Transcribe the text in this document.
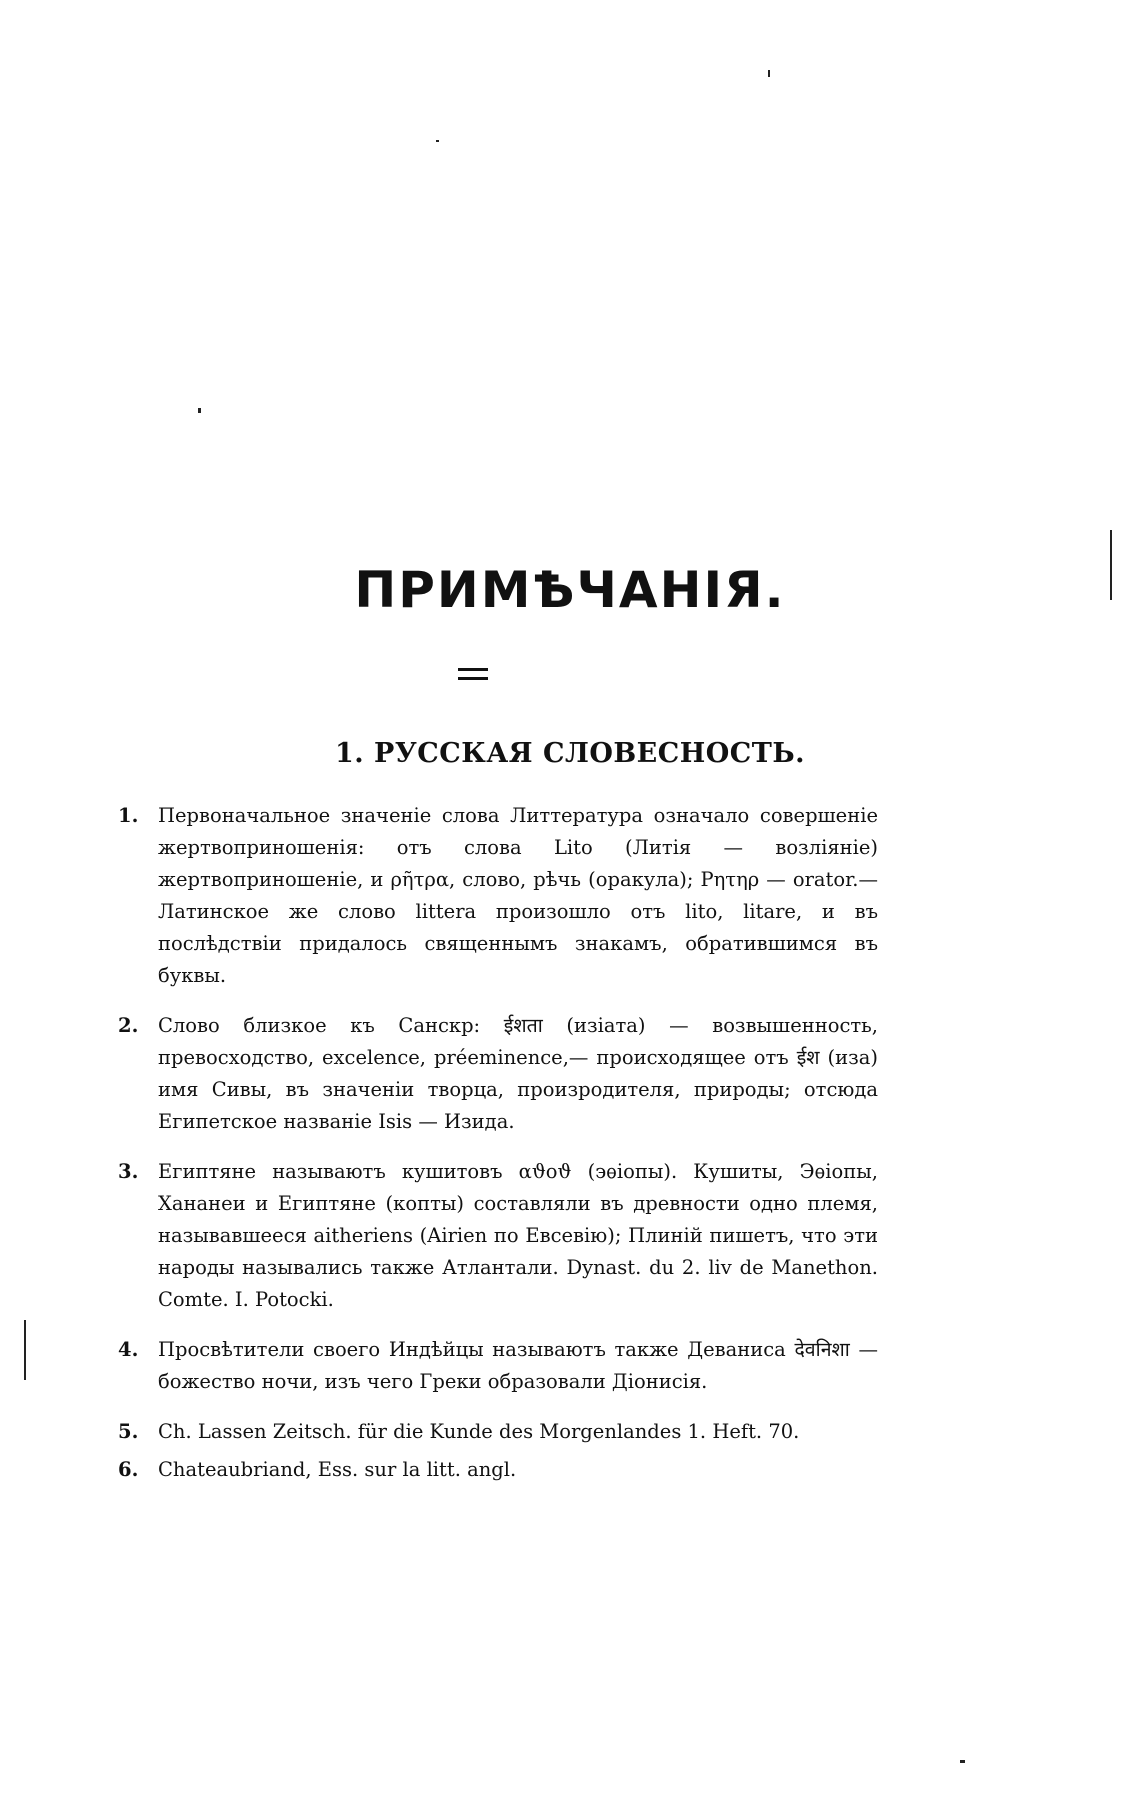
ПРИМѢЧАНІЯ.
1. РУССКАЯ СЛОВЕСНОСТЬ.
1. Первоначальное значеніе слова Литтература означало совершеніе жертвоприношенія: отъ слова Lito (Литія — возліяніе) жертвоприношеніе, и ρῆτρα, слово, рѣчь (оракула); Ρητηρ — orator.—Латинское же слово littera произошло отъ lito, litare, и въ послѣдствіи придалось священнымъ знакамъ, обратившимся въ буквы.
2. Слово близкое къ Санскр: ईशता (изіата) — возвышенность, превосходство, excelence, préeminence,— происходящее отъ ईश (иза) имя Сивы, въ значеніи творца, произродителя, природы; отсюда Египетское названіе Isis — Изида.
3. Египтяне называютъ кушитовъ αϑοϑ (эѳіопы). Кушиты, Эѳіопы, Хананеи и Египтяне (копты) составляли въ древности одно племя, называвшееся aitheriens (Airien по Евсевію); Плиній пишетъ, что эти народы назывались также Атлантали. Dynast. du 2. liv de Manethon. Comte. I. Potocki.
4. Просвѣтители своего Индѣйцы называютъ также Деванисa देवनिशा — божество ночи, изъ чего Греки образовали Діонисія.
5. Ch. Lassen Zeitsch. für die Kunde des Morgenlandes 1. Heft. 70.
6. Chateaubriand, Ess. sur la litt. angl.
